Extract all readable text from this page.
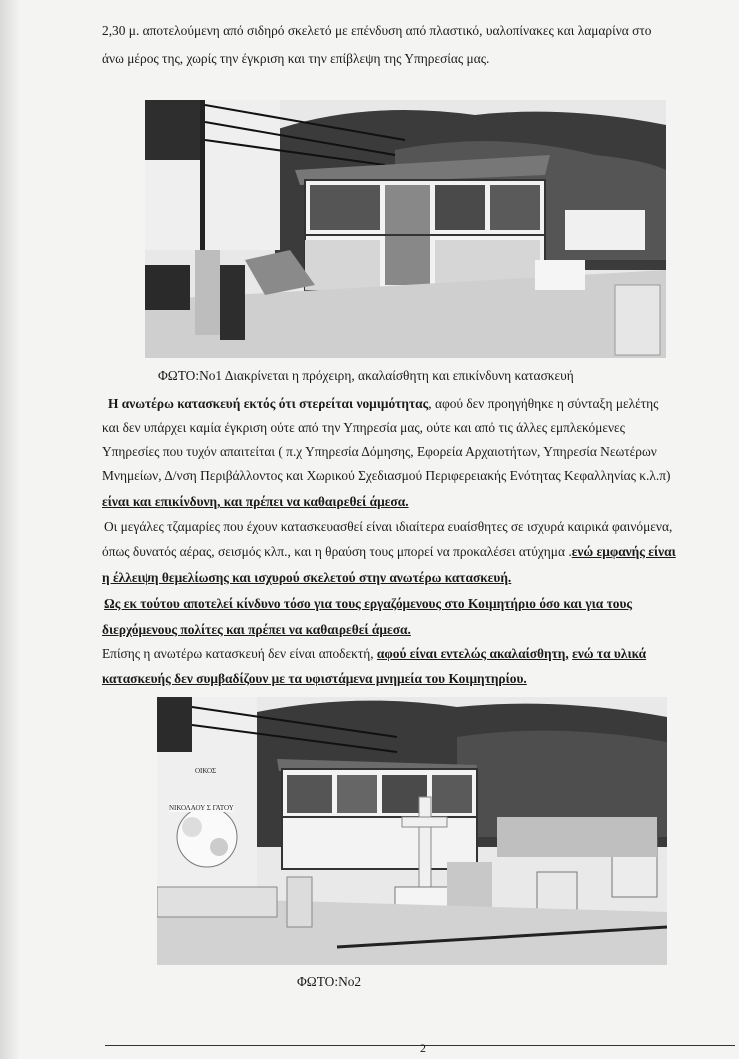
2,30 μ. αποτελούμενη από σιδηρό σκελετό με επένδυση από πλαστικό, υαλοπίνακες και λαμαρίνα στο
άνω μέρος της, χωρίς την έγκριση και την επίβλεψη της Υπηρεσίας μας.
ΦΩΤΟ:Νο1 Διακρίνεται η πρόχειρη, ακαλαίσθητη και επικίνδυνη κατασκευή
Η ανωτέρω κατασκευή εκτός ότι στερείται νομιμότητας, αφού δεν προηγήθηκε η σύνταξη μελέτης
και δεν υπάρχει καμία έγκριση ούτε από την Υπηρεσία μας, ούτε και από τις άλλες εμπλεκόμενες
Υπηρεσίες που τυχόν απαιτείται ( π.χ Υπηρεσία Δόμησης, Εφορεία Αρχαιοτήτων, Υπηρεσία Νεωτέρων
Μνημείων, Δ/νση Περιβάλλοντος και Χωρικού Σχεδιασμού Περιφερειακής Ενότητας Κεφαλληνίας κ.λ.π)
είναι και επικίνδυνη, και πρέπει να καθαιρεθεί άμεσα.
Οι μεγάλες τζαμαρίες που έχουν κατασκευασθεί είναι ιδιαίτερα ευαίσθητες σε ισχυρά καιρικά φαινόμενα,
όπως δυνατός αέρας, σεισμός κλπ., και η θραύση τους μπορεί να προκαλέσει ατύχημα .ενώ εμφανής είναι
η έλλειψη θεμελίωσης και ισχυρού σκελετού στην ανωτέρω κατασκευή.
Ως εκ τούτου αποτελεί κίνδυνο τόσο για τους εργαζόμενους στο Κοιμητήριο όσο και για τους
διερχόμενους πολίτες και πρέπει να καθαιρεθεί άμεσα.
Επίσης η ανωτέρω κατασκευή δεν είναι αποδεκτή, αφού είναι εντελώς ακαλαίσθητη, ενώ τα υλικά
κατασκευής δεν συμβαδίζουν με τα υφιστάμενα μνημεία του Κοιμητηρίου.
ΟΙΚΟΣ
ΝΙΚΟΛΑΟΥ Σ ΓΑΤΟΥ
ΦΩΤΟ:Νο2
2
